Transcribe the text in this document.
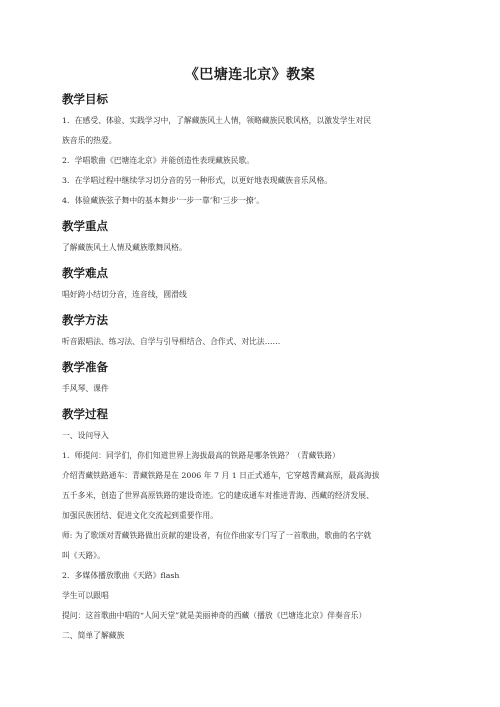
《巴塘连北京》教案
教学目标
1．在感受、体验、实践学习中，了解藏族风土人情，领略藏族民歌风格，以激发学生对民
族音乐的热爱。
2．学唱歌曲《巴塘连北京》并能创造性表现藏族民歌。
3．在学唱过程中继续学习切分音的另一种形式，以更好地表现藏族音乐风格。
4．体验藏族弦子舞中的基本舞步‘一步一靠’和‘三步一撩’。
教学重点
了解藏族风土人情及藏族歌舞风格。
教学难点
唱好跨小结切分音，连音线，圆滑线
教学方法
听音跟唱法、练习法、自学与引导相结合、合作式、对比法……
教学准备
手风琴、课件
教学过程
一、设问导入
1．师提问：同学们，你们知道世界上海拔最高的铁路是哪条铁路？（青藏铁路）
介绍青藏铁路通车：青藏铁路是在 2006 年 7 月 1 日正式通车，它穿越青藏高原，最高海拔
五千多米，创造了世界高原铁路的建设奇迹。它的建成通车对推进青海、西藏的经济发展、
加强民族团结、促进文化交流起到重要作用。
师: 为了歌颂对青藏铁路做出贡献的建设者，有位作曲家专门写了一首歌曲，歌曲的名字就
叫《天路》。
2．多媒体播放歌曲《天路》flash
学生可以跟唱
提问：这首歌曲中唱的“人间天堂”就是美丽神奇的西藏（播放《巴塘连北京》伴奏音乐）
二、简单了解藏族
